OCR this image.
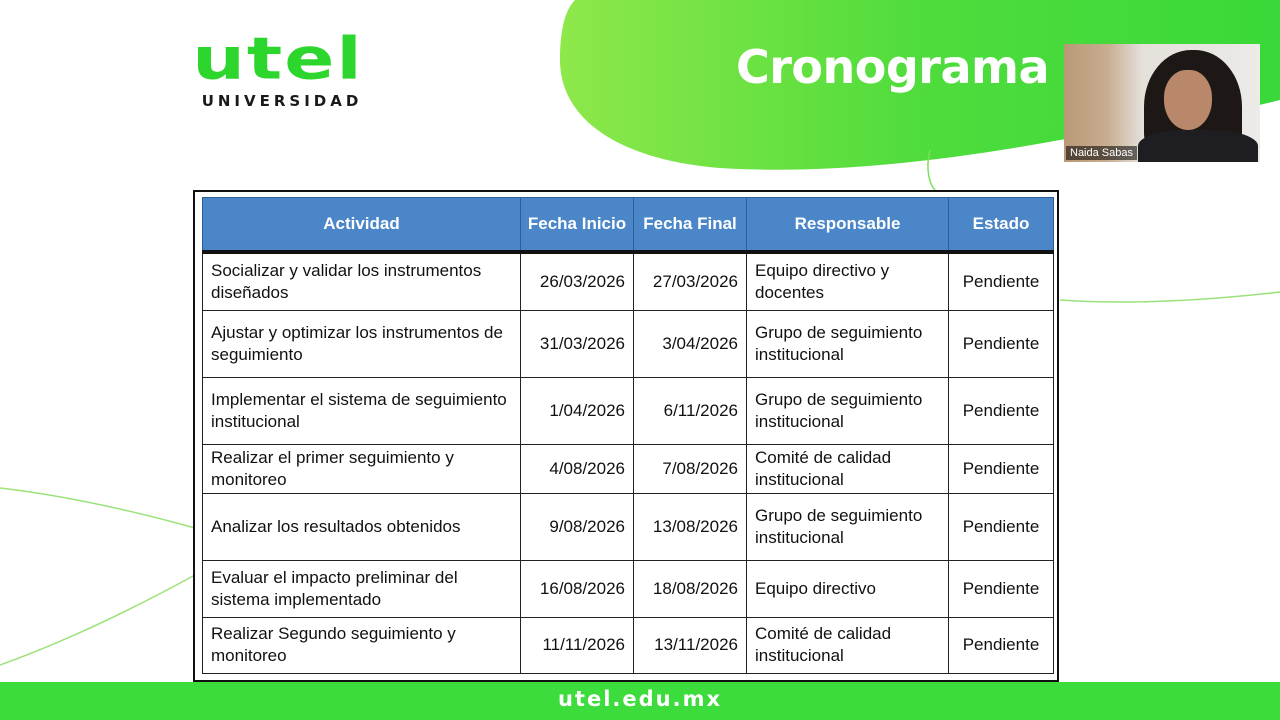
utel
UNIVERSIDAD
Cronograma
Naida Sabas
Actividad	Fecha Inicio	Fecha Final	Responsable	Estado
Socializar y validar los instrumentos diseñados	26/03/2026	27/03/2026	Equipo directivo y docentes	Pendiente
Ajustar y optimizar los instrumentos de seguimiento	31/03/2026	3/04/2026	Grupo de seguimiento institucional	Pendiente
Implementar el sistema de seguimiento institucional	1/04/2026	6/11/2026	Grupo de seguimiento institucional	Pendiente
Realizar el primer seguimiento y monitoreo	4/08/2026	7/08/2026	Comité de calidad institucional	Pendiente
Analizar los resultados obtenidos	9/08/2026	13/08/2026	Grupo de seguimiento institucional	Pendiente
Evaluar el impacto preliminar del sistema implementado	16/08/2026	18/08/2026	Equipo directivo	Pendiente
Realizar Segundo seguimiento y monitoreo	11/11/2026	13/11/2026	Comité de calidad institucional	Pendiente
utel.edu.mx
